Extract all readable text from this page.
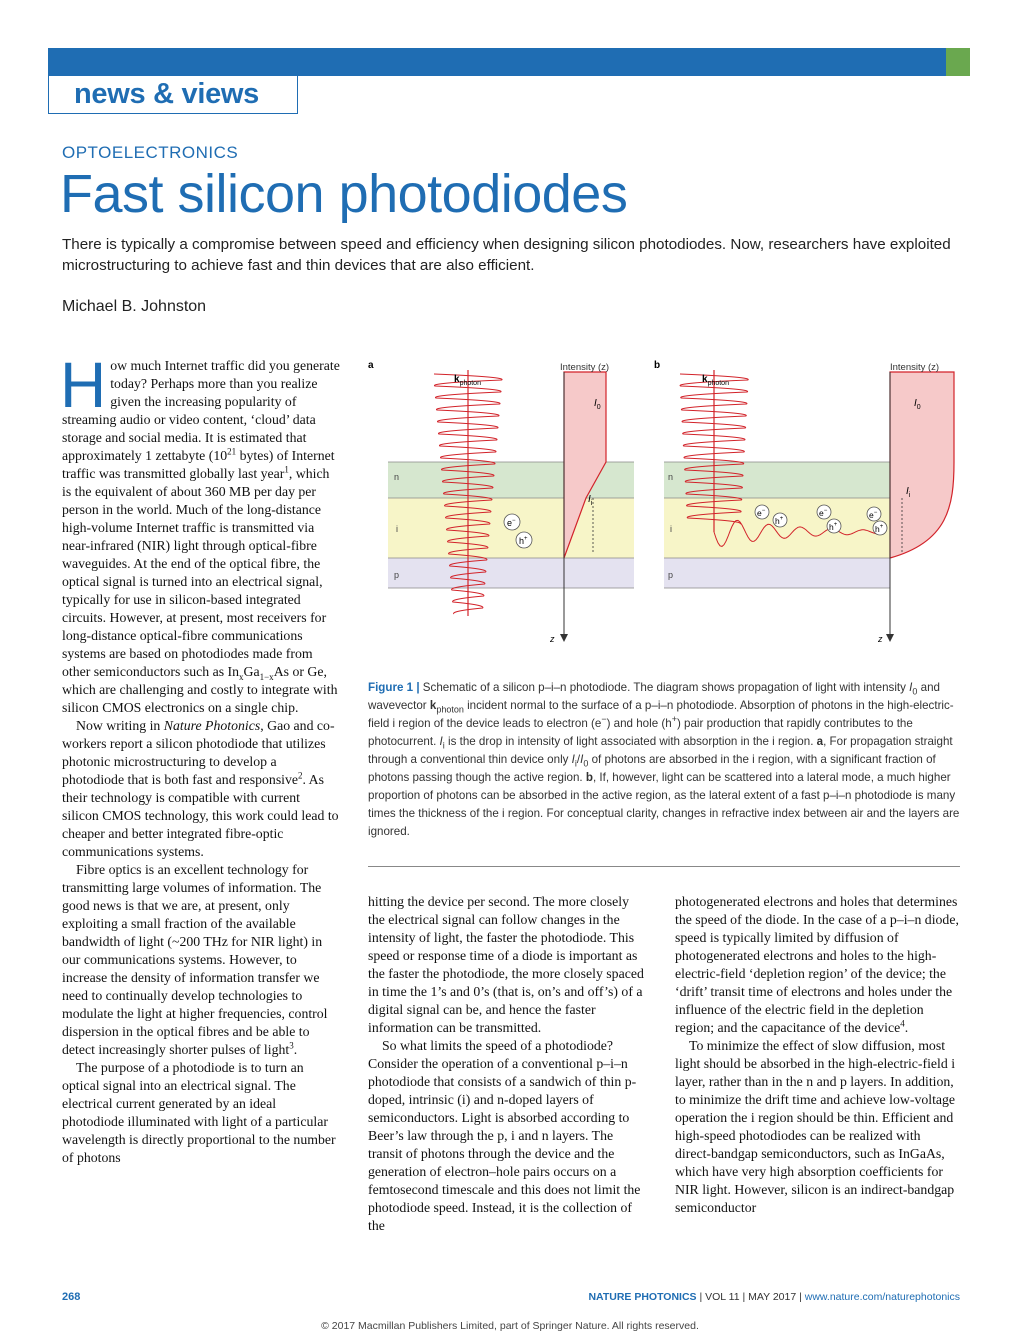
news & views
OPTOELECTRONICS
Fast silicon photodiodes
There is typically a compromise between speed and efficiency when designing silicon photodiodes. Now, researchers have exploited microstructuring to achieve fast and thin devices that are also efficient.
Michael B. Johnston

How much Internet traffic did you generate today? Perhaps more than you realize given the increasing popularity of streaming audio or video content, ‘cloud’ data storage and social media. It is estimated that approximately 1 zettabyte ($10^{21}$ bytes) of Internet traffic was transmitted globally last year$^1$, which is the equivalent of about 360 MB per day per person in the world. Much of the long-distance high-volume Internet traffic is transmitted via near-infrared (NIR) light through optical-fibre waveguides. At the end of the optical fibre, the optical signal is turned into an electrical signal, typically for use in silicon-based integrated circuits. However, at present, most receivers for long-distance optical-fibre communications systems are based on photodiodes made from other semiconductors such as $In_xGa_{1-x}As$ or Ge, which are challenging and costly to integrate with silicon CMOS electronics on a single chip.

Now writing in Nature Photonics, Gao and co-workers report a silicon photodiode that utilizes photonic microstructuring to develop a photodiode that is both fast and responsive$^2$. As their technology is compatible with current silicon CMOS technology, this work could lead to cheaper and better integrated fibre-optic communications systems.

Fibre optics is an excellent technology for transmitting large volumes of information. The good news is that we are, at present, only exploiting a small fraction of the available bandwidth of light (~200 THz for NIR light) in our communications systems. However, to increase the density of information transfer we need to continually develop technologies to modulate the light at higher frequencies, control dispersion in the optical fibres and be able to detect increasingly shorter pulses of light$^3$.

The purpose of a photodiode is to turn an optical signal into an electrical signal. The electrical current generated by an ideal photodiode illuminated with light of a particular wavelength is directly proportional to the number of photons

a	Intensity (z)
$k_{photon}$
$I_0$
$I_i$
n
i
p
z
e−
h+
b	Intensity (z)
$k_{photon}$
$I_0$
$I_i$
n
i
p
z
e−
h+
e−
h+
e−
h+
Figure 1 | Schematic of a silicon p–i–n photodiode. The diagram shows propagation of light with intensity $I_0$ and wavevector $k_{photon}$ incident normal to the surface of a p–i–n photodiode. Absorption of photons in the high-electric-field i region of the device leads to electron (e−) and hole (h+) pair production that rapidly contributes to the photocurrent. $I_i$ is the drop in intensity of light associated with absorption in the i region. a, For propagation straight through a conventional thin device only $I_i/I_0$ of photons are absorbed in the i region, with a significant fraction of photons passing though the active region. b, If, however, light can be scattered into a lateral mode, a much higher proportion of photons can be absorbed in the active region, as the lateral extent of a fast p–i–n photodiode is many times the thickness of the i region. For conceptual clarity, changes in refractive index between air and the layers are ignored.

hitting the device per second. The more closely the electrical signal can follow changes in the intensity of light, the faster the photodiode. This speed or response time of a diode is important as the faster the photodiode, the more closely spaced in time the 1’s and 0’s (that is, on’s and off’s) of a digital signal can be, and hence the faster information can be transmitted.

So what limits the speed of a photodiode? Consider the operation of a conventional p–i–n photodiode that consists of a sandwich of thin p-doped, intrinsic (i) and n-doped layers of semiconductors. Light is absorbed according to Beer’s law through the p, i and n layers. The transit of photons through the device and the generation of electron–hole pairs occurs on a femtosecond timescale and this does not limit the photodiode speed. Instead, it is the collection of the

photogenerated electrons and holes that determines the speed of the diode. In the case of a p–i–n diode, speed is typically limited by diffusion of photogenerated electrons and holes to the high-electric-field ‘depletion region’ of the device; the ‘drift’ transit time of electrons and holes under the influence of the electric field in the depletion region; and the capacitance of the device$^4$.

To minimize the effect of slow diffusion, most light should be absorbed in the high-electric-field i layer, rather than in the n and p layers. In addition, to minimize the drift time and achieve low-voltage operation the i region should be thin. Efficient and high-speed photodiodes can be realized with direct-bandgap semiconductors, such as InGaAs, which have very high absorption coefficients for NIR light. However, silicon is an indirect-bandgap semiconductor

268	NATURE PHOTONICS | VOL 11 | MAY 2017 | www.nature.com/naturephotonics
© 2017 Macmillan Publishers Limited, part of Springer Nature. All rights reserved.
